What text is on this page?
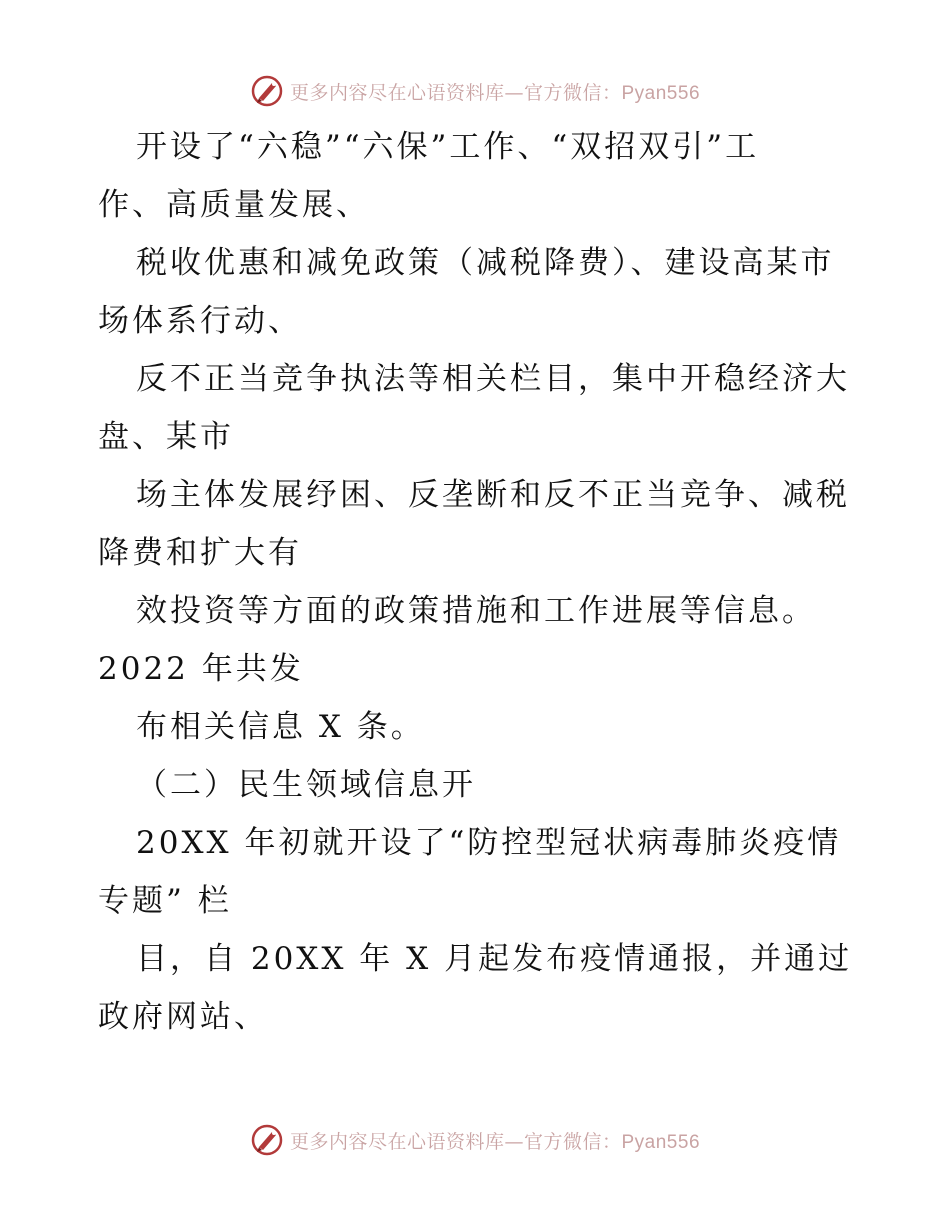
更多内容尽在心语资料库—官方微信：Pyan556
开设了“六稳”“六保”工作、“双招双引”工
作、高质量发展、
税收优惠和减免政策（减税降费）、建设高某市
场体系行动、
反不正当竞争执法等相关栏目，集中开稳经济大
盘、某市
场主体发展纾困、反垄断和反不正当竞争、减税
降费和扩大有
效投资等方面的政策措施和工作进展等信息。
2022 年共发
布相关信息 X 条。
（二）民生领域信息开
20XX 年初就开设了“防控型冠状病毒肺炎疫情
专题” 栏
目，自 20XX 年 X 月起发布疫情通报，并通过
政府网站、
更多内容尽在心语资料库—官方微信：Pyan556
